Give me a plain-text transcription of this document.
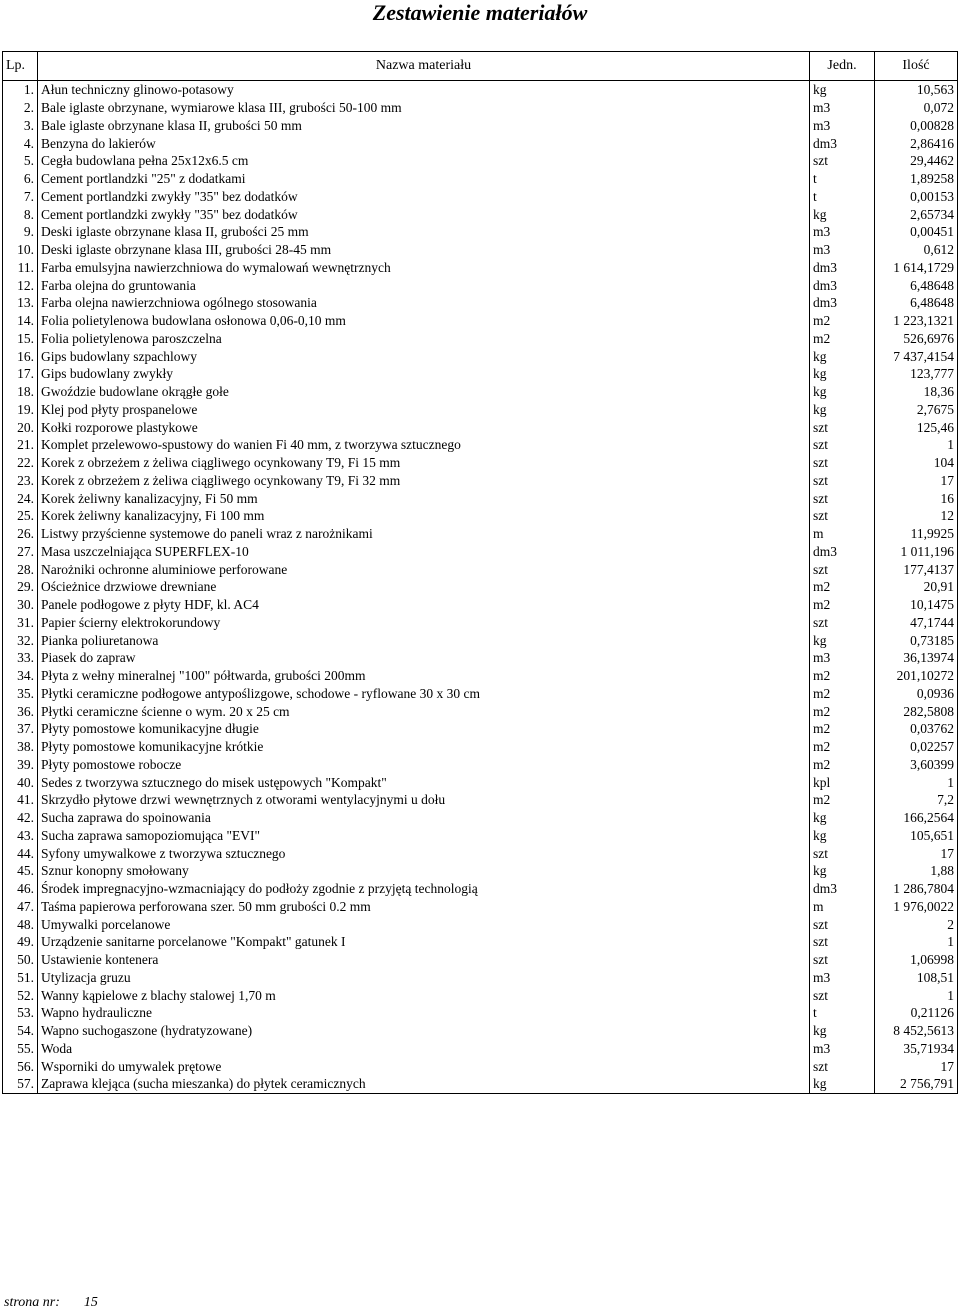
Zestawienie materiałów
Lp.	Nazwa materiału	Jedn.	Ilość
1.	Ałun techniczny glinowo-potasowy	kg	10,563
2.	Bale iglaste obrzynane, wymiarowe klasa III, grubości 50-100 mm	m3	0,072
3.	Bale iglaste obrzynane klasa II, grubości 50 mm	m3	0,00828
4.	Benzyna do lakierów	dm3	2,86416
5.	Cegła budowlana pełna 25x12x6.5 cm	szt	29,4462
6.	Cement portlandzki "25" z dodatkami	t	1,89258
7.	Cement portlandzki zwykły "35" bez dodatków	t	0,00153
8.	Cement portlandzki zwykły "35" bez dodatków	kg	2,65734
9.	Deski iglaste obrzynane klasa II, grubości 25 mm	m3	0,00451
10.	Deski iglaste obrzynane klasa III, grubości 28-45 mm	m3	0,612
11.	Farba emulsyjna nawierzchniowa do wymalowań wewnętrznych	dm3	1 614,1729
12.	Farba olejna do gruntowania	dm3	6,48648
13.	Farba olejna nawierzchniowa ogólnego stosowania	dm3	6,48648
14.	Folia polietylenowa budowlana osłonowa 0,06-0,10 mm	m2	1 223,1321
15.	Folia polietylenowa paroszczelna	m2	526,6976
16.	Gips budowlany szpachlowy	kg	7 437,4154
17.	Gips budowlany zwykły	kg	123,777
18.	Gwoździe budowlane okrągłe gołe	kg	18,36
19.	Klej pod płyty prospanelowe	kg	2,7675
20.	Kołki rozporowe plastykowe	szt	125,46
21.	Komplet przelewowo-spustowy do wanien Fi 40 mm, z tworzywa sztucznego	szt	1
22.	Korek z obrzeżem z żeliwa ciągliwego ocynkowany T9, Fi 15 mm	szt	104
23.	Korek z obrzeżem z żeliwa ciągliwego ocynkowany T9, Fi 32 mm	szt	17
24.	Korek żeliwny kanalizacyjny, Fi 50 mm	szt	16
25.	Korek żeliwny kanalizacyjny, Fi 100 mm	szt	12
26.	Listwy przyścienne systemowe do paneli wraz z narożnikami	m	11,9925
27.	Masa uszczelniająca SUPERFLEX-10	dm3	1 011,196
28.	Narożniki ochronne aluminiowe perforowane	szt	177,4137
29.	Ościeżnice drzwiowe drewniane	m2	20,91
30.	Panele podłogowe z płyty HDF, kl. AC4	m2	10,1475
31.	Papier ścierny elektrokorundowy	szt	47,1744
32.	Pianka poliuretanowa	kg	0,73185
33.	Piasek do zapraw	m3	36,13974
34.	Płyta z wełny mineralnej "100" półtwarda, grubości 200mm	m2	201,10272
35.	Płytki ceramiczne podłogowe antypoślizgowe, schodowe - ryflowane 30 x 30 cm	m2	0,0936
36.	Płytki ceramiczne ścienne o wym. 20 x 25 cm	m2	282,5808
37.	Płyty pomostowe komunikacyjne długie	m2	0,03762
38.	Płyty pomostowe komunikacyjne krótkie	m2	0,02257
39.	Płyty pomostowe robocze	m2	3,60399
40.	Sedes z tworzywa sztucznego do misek ustępowych "Kompakt"	kpl	1
41.	Skrzydło płytowe drzwi wewnętrznych z otworami wentylacyjnymi u dołu	m2	7,2
42.	Sucha zaprawa do spoinowania	kg	166,2564
43.	Sucha zaprawa samopoziomująca "EVI"	kg	105,651
44.	Syfony umywalkowe z tworzywa sztucznego	szt	17
45.	Sznur konopny smołowany	kg	1,88
46.	Środek impregnacyjno-wzmacniający do podłoży zgodnie z przyjętą technologią	dm3	1 286,7804
47.	Taśma papierowa perforowana szer. 50 mm grubości 0.2 mm	m	1 976,0022
48.	Umywalki porcelanowe	szt	2
49.	Urządzenie sanitarne porcelanowe "Kompakt" gatunek I	szt	1
50.	Ustawienie kontenera	szt	1,06998
51.	Utylizacja gruzu	m3	108,51
52.	Wanny kąpielowe z blachy stalowej 1,70 m	szt	1
53.	Wapno hydrauliczne	t	0,21126
54.	Wapno suchogaszone (hydratyzowane)	kg	8 452,5613
55.	Woda	m3	35,71934
56.	Wsporniki do umywalek prętowe	szt	17
57.	Zaprawa klejąca (sucha mieszanka) do płytek ceramicznych	kg	2 756,791
strona nr: 15
